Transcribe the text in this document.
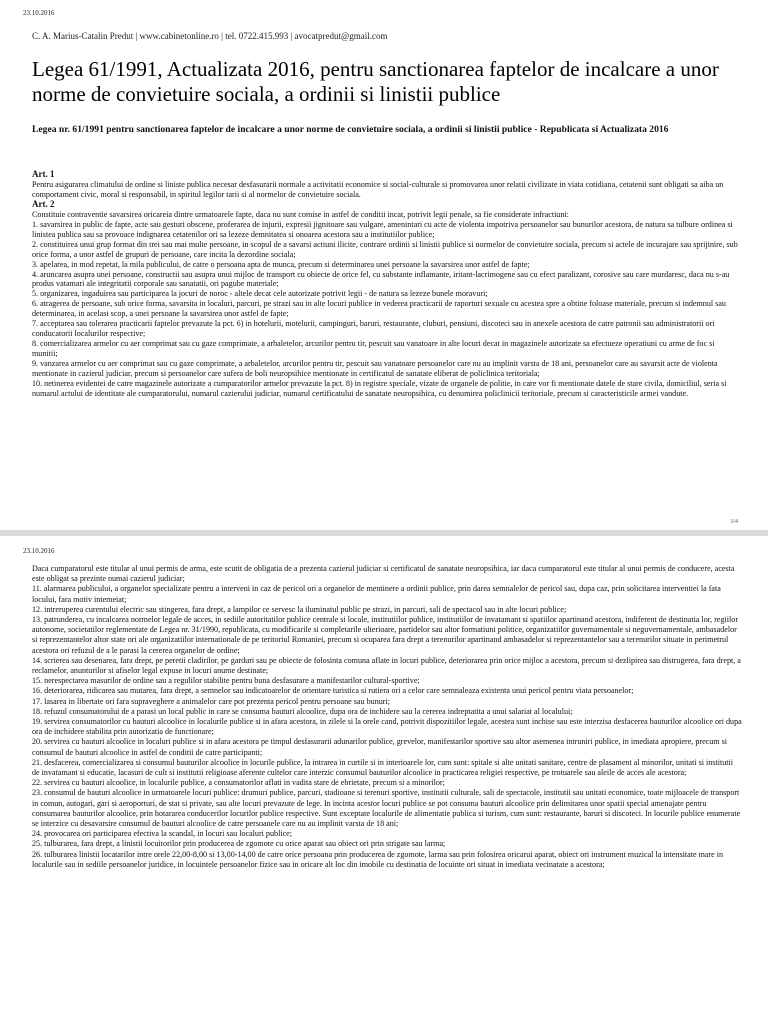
23.10.2016
C. A. Marius-Catalin Predut | www.cabinetonline.ro | tel. 0722.415.993 | avocatpredut@gmail.com
Legea 61/1991, Actualizata 2016, pentru sanctionarea faptelor de incalcare a unor norme de convietuire sociala, a ordinii si linistii publice

Legea nr. 61/1991 pentru sanctionarea faptelor de incalcare a unor norme de convietuire sociala, a ordinii si linistii publice - Republicata si Actualizata 2016

Art. 1
Pentru asigurarea climatului de ordine si liniste publica necesar desfasurarii normale a activitatii economice si social-culturale si promovarea unor relatii civilizate in viata cotidiana, cetatenii sunt obligati sa aiba un comportament civic, moral si responsabil, in spiritul legilor tarii si al normelor de convietuire sociala.
Art. 2
Constituie contraventie savarsirea oricareia dintre urmatoarele fapte, daca nu sunt comise in astfel de conditii incat, potrivit legii penale, sa fie considerate infractiuni:
1. savarsirea in public de fapte, acte sau gesturi obscene, proferarea de injurii, expresii jignitoare sau vulgare, amenintari cu acte de violenta impotriva persoanelor sau bunurilor acestora, de natura sa tulbure ordinea si linistea publica sau sa provoace indignarea cetatenilor ori sa lezeze demnitatea si onoarea acestora sau a institutiilor publice;
2. constituirea unui grup format din trei sau mai multe persoane, in scopul de a savarsi actiuni ilicite, contrare ordinii si linistii publice si normelor de convietuire sociala, precum si actele de incurajare sau sprijinire, sub orice forma, a unor astfel de grupuri de persoane, care incita la dezordine sociala;
3. apelarea, in mod repetat, la mila publicului, de catre o persoana apta de munca, precum si determinarea unei persoane la savarsirea unor astfel de fapte;
4. aruncarea asupra unei persoane, constructii sau asupra unui mijloc de transport cu obiecte de orice fel, cu substante inflamante, iritant-lacrimogene sau cu efect paralizant, corosive sau care murdaresc, daca nu s-au produs vatamari ale integritatii corporale sau sanatatii, ori pagube materiale;
5. organizarea, ingaduirea sau participarea la jocuri de noroc - altele decat cele autorizate potrivit legii - de natura sa lezeze bunele moravuri;
6. atragerea de persoane, sub orice forma, savarsita in localuri, parcuri, pe strazi sau in alte locuri publice in vederea practicarii de raporturi sexuale cu acestea spre a obtine foloase materiale, precum si indemnul sau determinarea, in acelasi scop, a unei persoane la savarsirea unor astfel de fapte;
7. acceptarea sau tolerarea practicarii faptelor prevazute la pct. 6) in hotelurii, motelurii, campinguri, baruri, restaurante, cluburi, pensiuni, discoteci sau in anexele acestora de catre patronii sau administratorii ori conducatorii localurilor respective;
8. comercializarea armelor cu aer comprimat sau cu gaze comprimate, a arbaletelor, arcurilor pentru tir, pescuit sau vanatoare in alte locuri decat in magazinele autorizate sa efectueze operatiuni cu arme de foc si munitii;
9. vanzarea armelor cu aer comprimat sau cu gaze comprimate, a arbaletelor, arcurilor pentru tir, pescuit sau vanatoare persoanelor care nu au implinit varsta de 18 ani, persoanelor care au savarsit acte de violenta mentionate in cazierul judiciar, precum si persoanelor care sufera de boli neuropsihice mentionate in certificatul de sanatate eliberat de policlinica teritoriala;
10. netinerea evidentei de catre magazinele autorizate a cumparatorilor armelor prevazute la pct. 8) in registre speciale, vizate de organele de politie, in care vor fi mentionate datele de stare civila, domiciliul, seria si numarul actului de identitate ale cumparatorului, numarul cazierului judiciar, numarul certificatului de sanatate neuropsihica, cu denumirea policlinicii teritoriale, precum si caracteristicile armei vandute.
1/4
23.10.2016
Daca cumparatorul este titular al unui permis de arma, este scutit de obligatia de a prezenta cazierul judiciar si certificatul de sanatate neuropsihica, iar daca cumparatorul este titular al unui permis de conducere, acesta este obligat sa prezinte numai cazierul judiciar;
11. alarmarea publicului, a organelor specializate pentru a interveni in caz de pericol ori a organelor de mentinere a ordinii publice, prin darea semnalelor de pericol sau, dupa caz, prin solicitarea interventiei la fata locului, fara motiv intemeiat;
12. intreruperea curentului electric sau stingerea, fara drept, a lampilor ce servesc la iluminatul public pe strazi, in parcuri, sali de spectacol sau in alte locuri publice;
13. patrunderea, cu incalcarea normelor legale de acces, in sediile autoritatilor publice centrale si locale, institutiilor publice, institutiilor de invatamant si spatiilor apartinand acestora, indiferent de destinatia lor, regiilor autonome, societatilor reglementate de Legea nr. 31/1990, republicata, cu modificarile si completarile ulterioare, partidelor sau altor formatiuni politice, organizatiilor guvernamentale si neguvernamentale, ambasadelor si reprezentantelor altor state ori ale organizatiilor internationale de pe teritoriul Romaniei, precum si ocuparea fara drept a terenurilor apartinand ambasadelor si reprezentantelor sau a terenurilor situate in perimetrul acestora ori refuzul de a le parasi la cererea organelor de ordine;
14. scrierea sau desenarea, fara drept, pe peretii cladirilor, pe garduri sau pe obiecte de folosinta comuna aflate in locuri publice, deteriorarea prin orice mijloc a acestora, precum si dezlipirea sau distrugerea, fara drept, a reclamelor, anunturilor si afiselor legal expuse in locuri anume destinate;
15. nerespectarea masurilor de ordine sau a regulilor stabilite pentru buna desfasurare a manifestarilor cultural-sportive;
16. deteriorarea, ridicarea sau mutarea, fara drept, a semnelor sau indicatoarelor de orientare turistica si rutiera ori a celor care semnaleaza existenta unui pericol pentru viata persoanelor;
17. lasarea in libertate ori fara supraveghere a animalelor care pot prezenta pericol pentru persoane sau bunuri;
18. refuzul consumatorului de a parasi un local public in care se consuma bauturi alcoolice, dupa ora de inchidere sau la cererea indreptatita a unui salariat al localului;
19. servirea consumatorilor cu bauturi alcoolice in localurile publice si in afara acestora, in zilele si la orele cand, potrivit dispozitiilor legale, acestea sunt inchise sau este interzisa desfacerea bauturilor alcoolice ori dupa ora de inchidere stabilita prin autorizatia de functionare;
20. servirea cu bauturi alcoolice in localuri publice si in afara acestora pe timpul desfasurarii adunarilor publice, grevelor, manifestarilor sportive sau altor asemenea intruniri publice, in imediata apropiere, precum si consumul de bauturi alcoolice in astfel de conditii de catre participanti;
21. desfacerea, comercializarea si consumul bauturilor alcoolice in locurile publice, la intrarea in curtile si in interioarele lor, cum sunt: spitale si alte unitati sanitare, centre de plasament al minorilor, unitati si institutii de invatamant si educatie, lacasuri de cult si institutii religioase aferente cultelor care interzic consumul bauturilor alcoolice in practicarea religiei respective, pe trotuarele sau aleile de acces ale acestora;
22. servirea cu bauturi alcoolice, in localurile publice, a consumatorilor aflati in vadita stare de ebrietate, precum si a minorilor;
23. consumul de bauturi alcoolice in urmatoarele locuri publice: drumuri publice, parcuri, stadioane si terenuri sportive, institutii culturale, sali de spectacole, institutii sau unitati economice, toate mijloacele de transport in comun, autogari, gari si aeroporturi, de stat si private, sau alte locuri prevazute de lege. In incinta acestor locuri publice se pot consuma bauturi alcoolice prin delimitarea unor spatii special amenajate pentru consumarea bauturilor alcoolice, prin hotararea conducerilor locurilor publice respective. Sunt exceptate localurile de alimentatie publica si turism, cum sunt: restaurante, baruri si discoteci. In locurile publice enumerate se interzice cu desavarsire consumul de bauturi alcoolice de catre persoanele care nu au implinit varsta de 18 ani;
24. provocarea ori participarea efectiva la scandal, in locuri sau localuri publice;
25. tulburarea, fara drept, a linistii locuitorilor prin producerea de zgomote cu orice aparat sau obiect ori prin strigate sau larma;
26. tulburarea linistii locatarilor intre orele 22,00-8,00 si 13,00-14,00 de catre orice persoana prin producerea de zgomote, larma sau prin folosirea oricarui aparat, obiect ori instrument muzical la intensitate mare in localurile sau in sediile persoanelor juridice, in locuintele persoanelor fizice sau in oricare alt loc din imobile cu destinatia de locuinte ori situat in imediata vecinatate a acestora;
